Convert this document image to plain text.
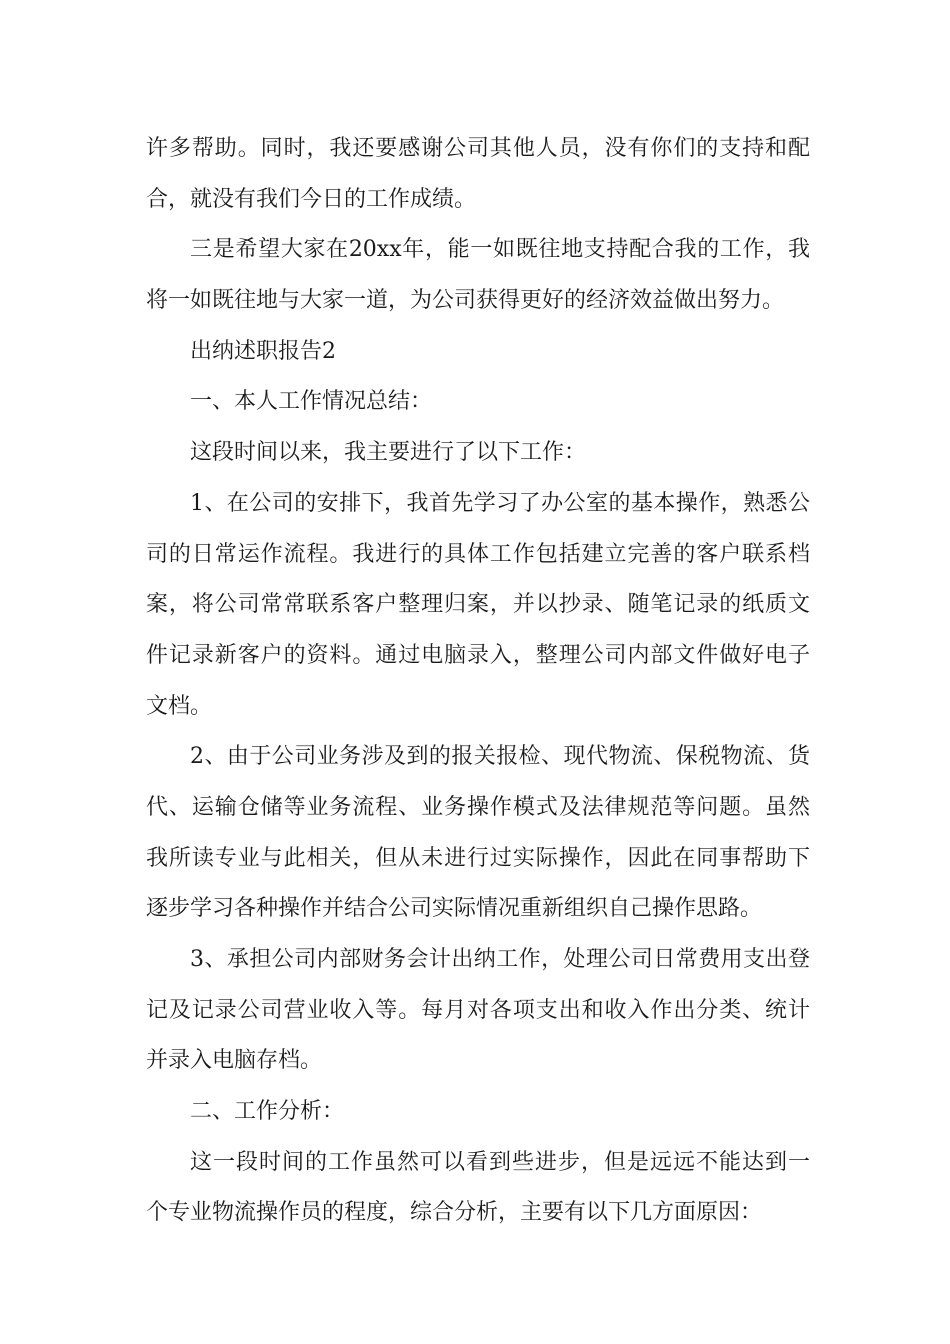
许多帮助。同时，我还要感谢公司其他人员，没有你们的支持和配
合，就没有我们今日的工作成绩。
三是希望大家在20xx年，能一如既往地支持配合我的工作，我
将一如既往地与大家一道，为公司获得更好的经济效益做出努力。
出纳述职报告2
一、本人工作情况总结：
这段时间以来，我主要进行了以下工作：
1、在公司的安排下，我首先学习了办公室的基本操作，熟悉公
司的日常运作流程。我进行的具体工作包括建立完善的客户联系档
案，将公司常常联系客户整理归案，并以抄录、随笔记录的纸质文
件记录新客户的资料。通过电脑录入，整理公司内部文件做好电子
文档。
2、由于公司业务涉及到的报关报检、现代物流、保税物流、货
代、运输仓储等业务流程、业务操作模式及法律规范等问题。虽然
我所读专业与此相关，但从未进行过实际操作，因此在同事帮助下
逐步学习各种操作并结合公司实际情况重新组织自己操作思路。
3、承担公司内部财务会计出纳工作，处理公司日常费用支出登
记及记录公司营业收入等。每月对各项支出和收入作出分类、统计
并录入电脑存档。
二、工作分析：
这一段时间的工作虽然可以看到些进步，但是远远不能达到一
个专业物流操作员的程度，综合分析，主要有以下几方面原因：
